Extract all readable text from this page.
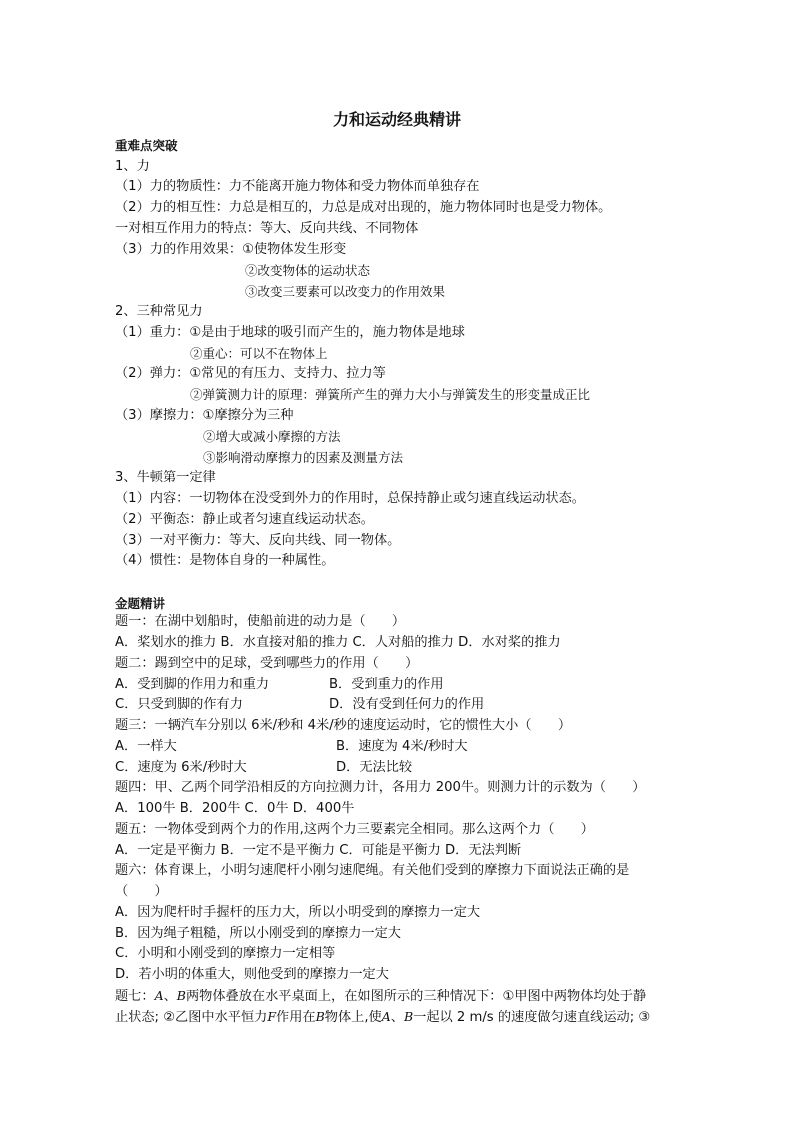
力和运动经典精讲
重难点突破
1、力
（1）力的物质性：力不能离开施力物体和受力物体而单独存在
（2）力的相互性：力总是相互的，力总是成对出现的，施力物体同时也是受力物体。
一对相互作用力的特点：等大、反向共线、不同物体
（3）力的作用效果：①使物体发生形变
②改变物体的运动状态
③改变三要素可以改变力的作用效果
2、三种常见力
（1）重力：①是由于地球的吸引而产生的，施力物体是地球
②重心：可以不在物体上
（2）弹力：①常见的有压力、支持力、拉力等
②弹簧测力计的原理：弹簧所产生的弹力大小与弹簧发生的形变量成正比
（3）摩擦力：①摩擦分为三种
②增大或减小摩擦的方法
③影响滑动摩擦力的因素及测量方法
3、牛顿第一定律
（1）内容：一切物体在没受到外力的作用时，总保持静止或匀速直线运动状态。
（2）平衡态：静止或者匀速直线运动状态。
（3）一对平衡力：等大、反向共线、同一物体。
（4）惯性：是物体自身的一种属性。
金题精讲
题一：在湖中划船时，使船前进的动力是（　　）
A．桨划水的推力 B．水直接对船的推力 C．人对船的推力 D．水对桨的推力
题二：踢到空中的足球，受到哪些力的作用（　　）
A．受到脚的作用力和重力	B．受到重力的作用
C．只受到脚的作有力	D．没有受到任何力的作用
题三：一辆汽车分别以 6米/秒和 4米/秒的速度运动时，它的惯性大小（　　）
A．一样大	B．速度为 4米/秒时大
C．速度为 6米/秒时大	D．无法比较
题四：甲、乙两个同学沿相反的方向拉测力计，各用力 200牛。则测力计的示数为（　　）
A．100牛 B．200牛 C．0牛 D．400牛
题五：一物体受到两个力的作用,这两个力三要素完全相同。那么这两个力（　　）
A．一定是平衡力 B．一定不是平衡力 C．可能是平衡力 D．无法判断
题六：体育课上，小明匀速爬杆小刚匀速爬绳。有关他们受到的摩擦力下面说法正确的是
（　　）
A．因为爬杆时手握杆的压力大，所以小明受到的摩擦力一定大
B．因为绳子粗糙，所以小刚受到的摩擦力一定大
C．小明和小刚受到的摩擦力一定相等
D．若小明的体重大，则他受到的摩擦力一定大
题七：A、B两物体叠放在水平桌面上，在如图所示的三种情况下：①甲图中两物体均处于静
止状态; ②乙图中水平恒力F作用在B物体上,使A、B一起以 2 m/s 的速度做匀速直线运动; ③
